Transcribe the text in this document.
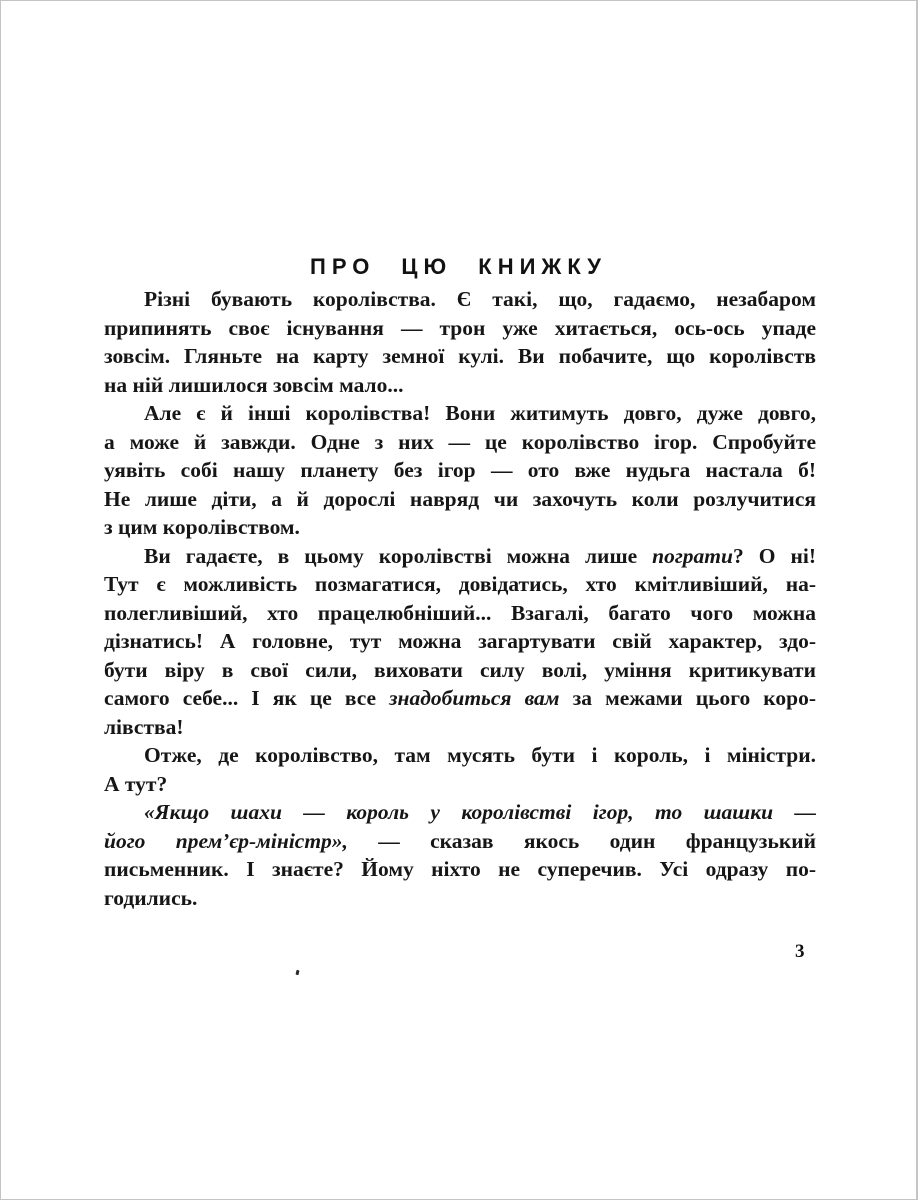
ПРО ЦЮ КНИЖКУ
Різні бувають королівства. Є такі, що, гадаємо, незабаром
припинять своє існування — трон уже хитається, ось-ось упаде
зовсім. Гляньте на карту земної кулі. Ви побачите, що королівств
на ній лишилося зовсім мало...
Але є й інші королівства! Вони житимуть довго, дуже довго,
а може й завжди. Одне з них — це королівство ігор. Спробуйте
уявіть собі нашу планету без ігор — ото вже нудьга настала б!
Не лише діти, а й дорослі навряд чи захочуть коли розлучитися
з цим королівством.
Ви гадаєте, в цьому королівстві можна лише пограти? О ні!
Тут є можливість позмагатися, довідатись, хто кмітливіший, на-
полегливіший, хто працелюбніший... Взагалі, багато чого можна
дізнатись! А головне, тут можна загартувати свій характер, здо-
бути віру в свої сили, виховати силу волі, уміння критикувати
самого себе... І як це все знадобиться вам за межами цього коро-
лівства!
Отже, де королівство, там мусять бути і король, і міністри.
А тут?
«Якщо шахи — король у королівстві ігор, то шашки —
його прем’єр-міністр», — сказав якось один французький
письменник. І знаєте? Йому ніхто не суперечив. Усі одразу по-
годились.
3
